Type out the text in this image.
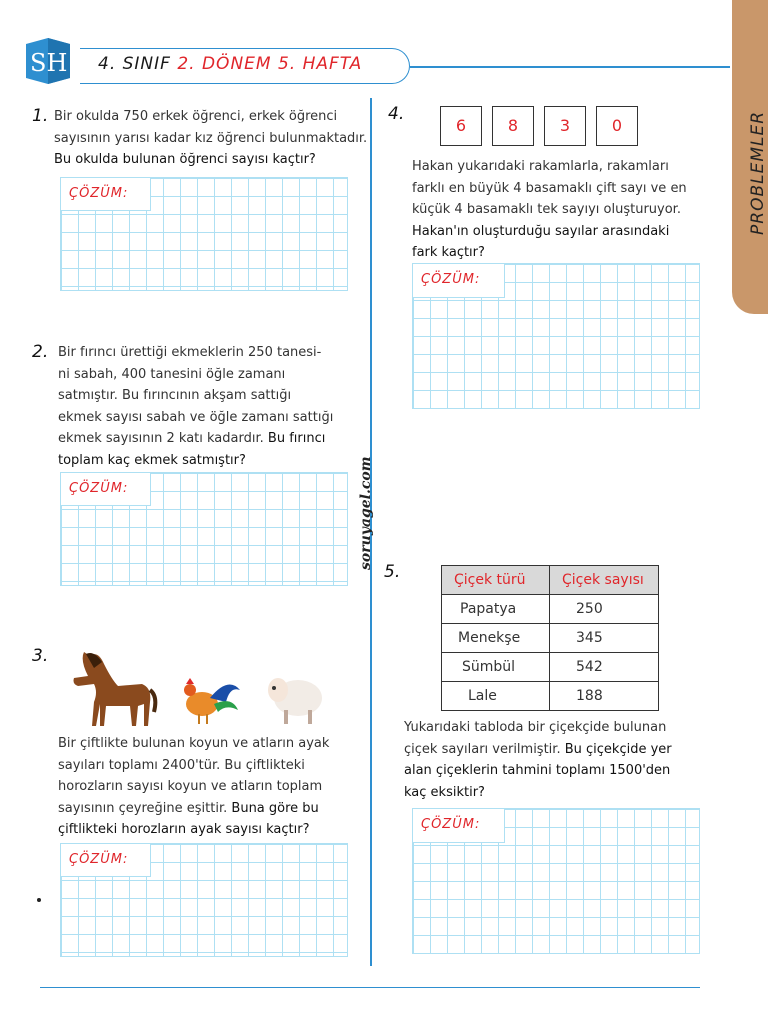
SH 4. SINIF 2. DÖNEM 5. HAFTA
PROBLEMLER
soruyagel.com
1. Bir okulda 750 erkek öğrenci, erkek öğrenci
sayısının yarısı kadar kız öğrenci bulunmaktadır.
Bu okulda bulunan öğrenci sayısı kaçtır?
ÇÖZÜM:
2. Bir fırıncı ürettiği ekmeklerin 250 tanesi-
ni sabah, 400 tanesini öğle zamanı
satmıştır. Bu fırıncının akşam sattığı
ekmek sayısı sabah ve öğle zamanı sattığı
ekmek sayısının 2 katı kadardır. Bu fırıncı
toplam kaç ekmek satmıştır?
ÇÖZÜM:
3.
Bir çiftlikte bulunan koyun ve atların ayak
sayıları toplamı 2400'tür. Bu çiftlikteki
horozların sayısı koyun ve atların toplam
sayısının çeyreğine eşittir. Buna göre bu
çiftlikteki horozların ayak sayısı kaçtır?
ÇÖZÜM:
4.
6	8	3	0
Hakan yukarıdaki rakamlarla, rakamları
farklı en büyük 4 basamaklı çift sayı ve en
küçük 4 basamaklı tek sayıyı oluşturuyor.
Hakan'ın oluşturduğu sayılar arasındaki
fark kaçtır?
ÇÖZÜM:
5.	Çiçek türü	Çiçek sayısı
Papatya	250
Menekşe	345
Sümbül	542
Lale	188
Yukarıdaki tabloda bir çiçekçide bulunan
çiçek sayıları verilmiştir. Bu çiçekçide yer
alan çiçeklerin tahmini toplamı 1500'den
kaç eksiktir?
ÇÖZÜM:
